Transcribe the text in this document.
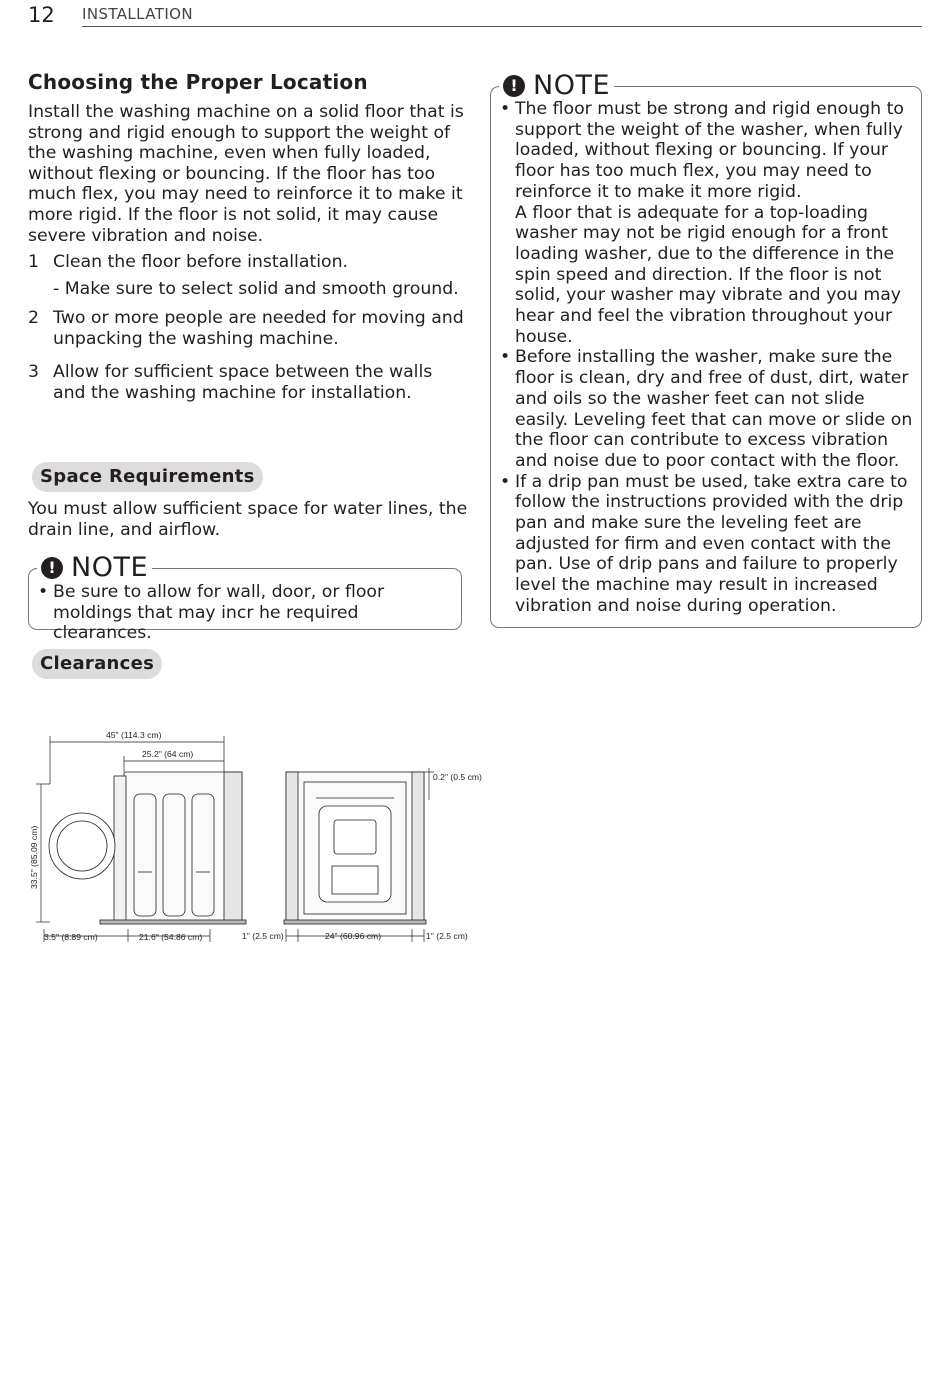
12 INSTALLATION
Choosing the Proper Location

Install the washing machine on a solid floor that is strong and rigid enough to support the weight of the washing machine, even when fully loaded, without flexing or bouncing. If the floor has too much flex, you may need to reinforce it to make it more rigid. If the floor is not solid, it may cause severe vibration and noise.

1 Clean the floor before installation.
- Make sure to select solid and smooth ground.
2 Two or more people are needed for moving and unpacking the washing machine.
3 Allow for sufficient space between the walls and the washing machine for installation.
Space Requirements

You must allow sufficient space for water lines, the drain line, and airflow.

! NOTE
• Be sure to allow for wall, door, or floor moldings that may incr he required clearances.
Clearances
45" (114.3 cm)
25.2" (64 cm)
33.5" (85.09 cm)
3.5" (8.89 cm)	21.6" (54.86 cm)
0.2" (0.5 cm)
1" (2.5 cm)	24" (60.96 cm)	1" (2.5 cm)
! NOTE
• The floor must be strong and rigid enough to support the weight of the washer, when fully loaded, without flexing or bouncing. If your floor has too much flex, you may need to reinforce it to make it more rigid.
A floor that is adequate for a top-loading washer may not be rigid enough for a front loading washer, due to the difference in the spin speed and direction. If the floor is not solid, your washer may vibrate and you may hear and feel the vibration throughout your house.
• Before installing the washer, make sure the floor is clean, dry and free of dust, dirt, water and oils so the washer feet can not slide easily. Leveling feet that can move or slide on the floor can contribute to excess vibration and noise due to poor contact with the floor.
• If a drip pan must be used, take extra care to follow the instructions provided with the drip pan and make sure the leveling feet are adjusted for firm and even contact with the pan. Use of drip pans and failure to properly level the machine may result in increased vibration and noise during operation.
